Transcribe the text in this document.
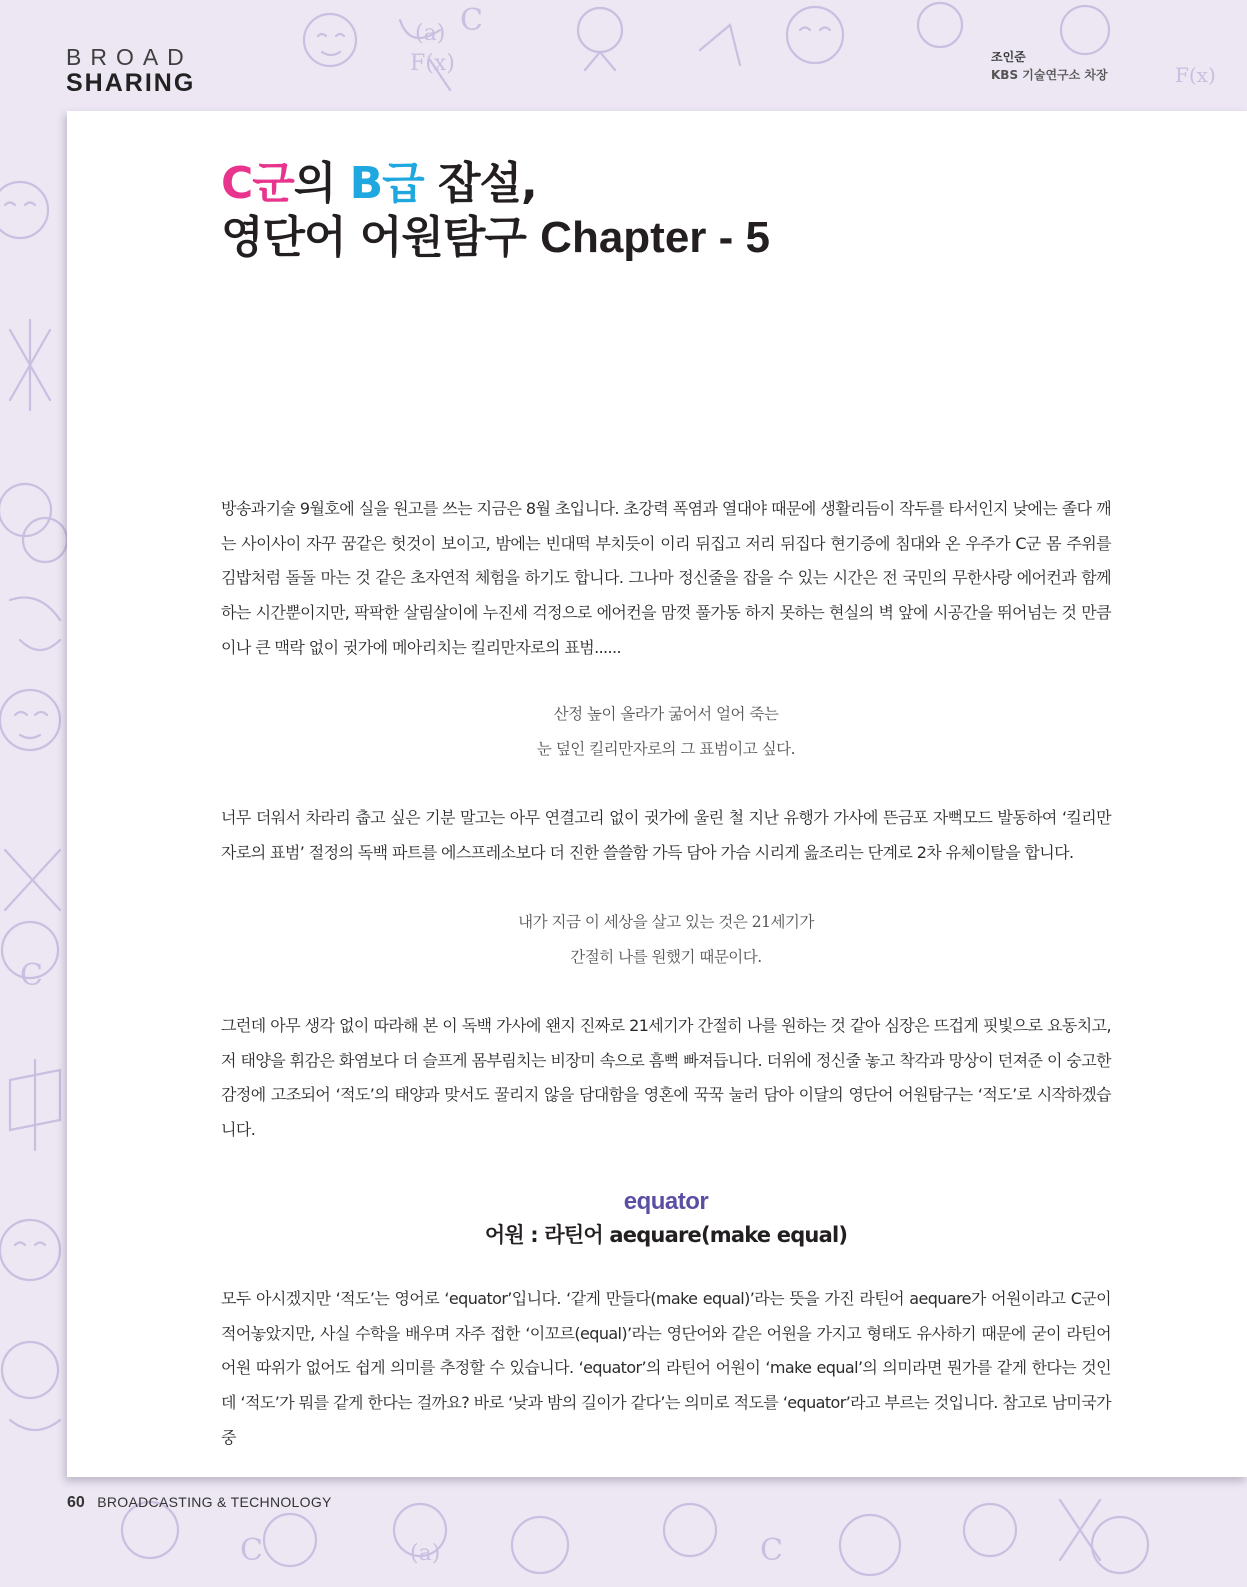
(a)
F(x)
C
F(x)
C
C	(a)	C
BROAD
SHARING
조인준
KBS 기술연구소 차장
C군의 B급 잡설,
영단어 어원탐구 Chapter - 5

방송과기술 9월호에 실을 원고를 쓰는 지금은 8월 초입니다. 초강력 폭염과 열대야 때문에 생활리듬이 작두를 타서인지 낮에는 졸다 깨는 사이사이 자꾸 꿈같은 헛것이 보이고, 밤에는 빈대떡 부치듯이 이리 뒤집고 저리 뒤집다 현기증에 침대와 온 우주가 C군 몸 주위를 김밥처럼 돌돌 마는 것 같은 초자연적 체험을 하기도 합니다. 그나마 정신줄을 잡을 수 있는 시간은 전 국민의 무한사랑 에어컨과 함께하는 시간뿐이지만, 팍팍한 살림살이에 누진세 걱정으로 에어컨을 맘껏 풀가동 하지 못하는 현실의 벽 앞에 시공간을 뛰어넘는 것 만큼이나 큰 맥락 없이 귓가에 메아리치는 킬리만자로의 표범......

산정 높이 올라가 굶어서 얼어 죽는
눈 덮인 킬리만자로의 그 표범이고 싶다.

너무 더워서 차라리 춥고 싶은 기분 말고는 아무 연결고리 없이 귓가에 울린 철 지난 유행가 가사에 뜬금포 자뻑모드 발동하여 ‘킬리만자로의 표범’ 절정의 독백 파트를 에스프레소보다 더 진한 쓸쓸함 가득 담아 가슴 시리게 읊조리는 단계로 2차 유체이탈을 합니다.

내가 지금 이 세상을 살고 있는 것은 21세기가
간절히 나를 원했기 때문이다.

그런데 아무 생각 없이 따라해 본 이 독백 가사에 왠지 진짜로 21세기가 간절히 나를 원하는 것 같아 심장은 뜨겁게 핏빛으로 요동치고, 저 태양을 휘감은 화염보다 더 슬프게 몸부림치는 비장미 속으로 흠뻑 빠져듭니다. 더위에 정신줄 놓고 착각과 망상이 던져준 이 숭고한 감정에 고조되어 ‘적도’의 태양과 맞서도 꿀리지 않을 담대함을 영혼에 꾹꾹 눌러 담아 이달의 영단어 어원탐구는 ‘적도’로 시작하겠습니다.

equator
어원 : 라틴어 aequare(make equal)

모두 아시겠지만 ‘적도’는 영어로 ‘equator’입니다. ‘같게 만들다(make equal)’라는 뜻을 가진 라틴어 aequare가 어원이라고 C군이 적어놓았지만, 사실 수학을 배우며 자주 접한 ‘이꼬르(equal)’라는 영단어와 같은 어원을 가지고 형태도 유사하기 때문에 굳이 라틴어 어원 따위가 없어도 쉽게 의미를 추정할 수 있습니다. ‘equator’의 라틴어 어원이 ‘make equal’의 의미라면 뭔가를 같게 한다는 것인데 ‘적도’가 뭐를 같게 한다는 걸까요? 바로 ‘낮과 밤의 길이가 같다’는 의미로 적도를 ‘equator’라고 부르는 것입니다. 참고로 남미국가 중

60 BROADCASTING & TECHNOLOGY
